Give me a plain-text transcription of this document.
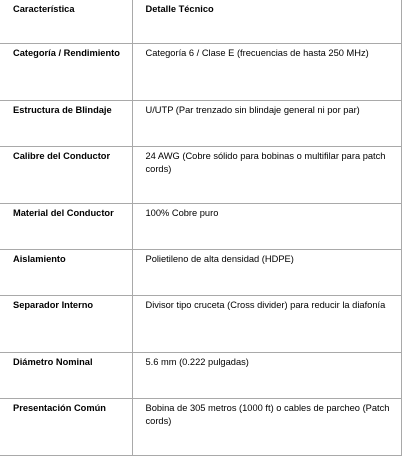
Característica	Detalle Técnico
Categoría / Rendimiento	Categoría 6 / Clase E (frecuencias de hasta 250 MHz)
Estructura de Blindaje	U/UTP (Par trenzado sin blindaje general ni por par)
Calibre del Conductor	24 AWG (Cobre sólido para bobinas o multifilar para patch cords)
Material del Conductor	100% Cobre puro
Aislamiento	Polietileno de alta densidad (HDPE)
Separador Interno	Divisor tipo cruceta (Cross divider) para reducir la diafonía
Diámetro Nominal	5.6 mm (0.222 pulgadas)
Presentación Común	Bobina de 305 metros (1000 ft) o cables de parcheo (Patch cords)
